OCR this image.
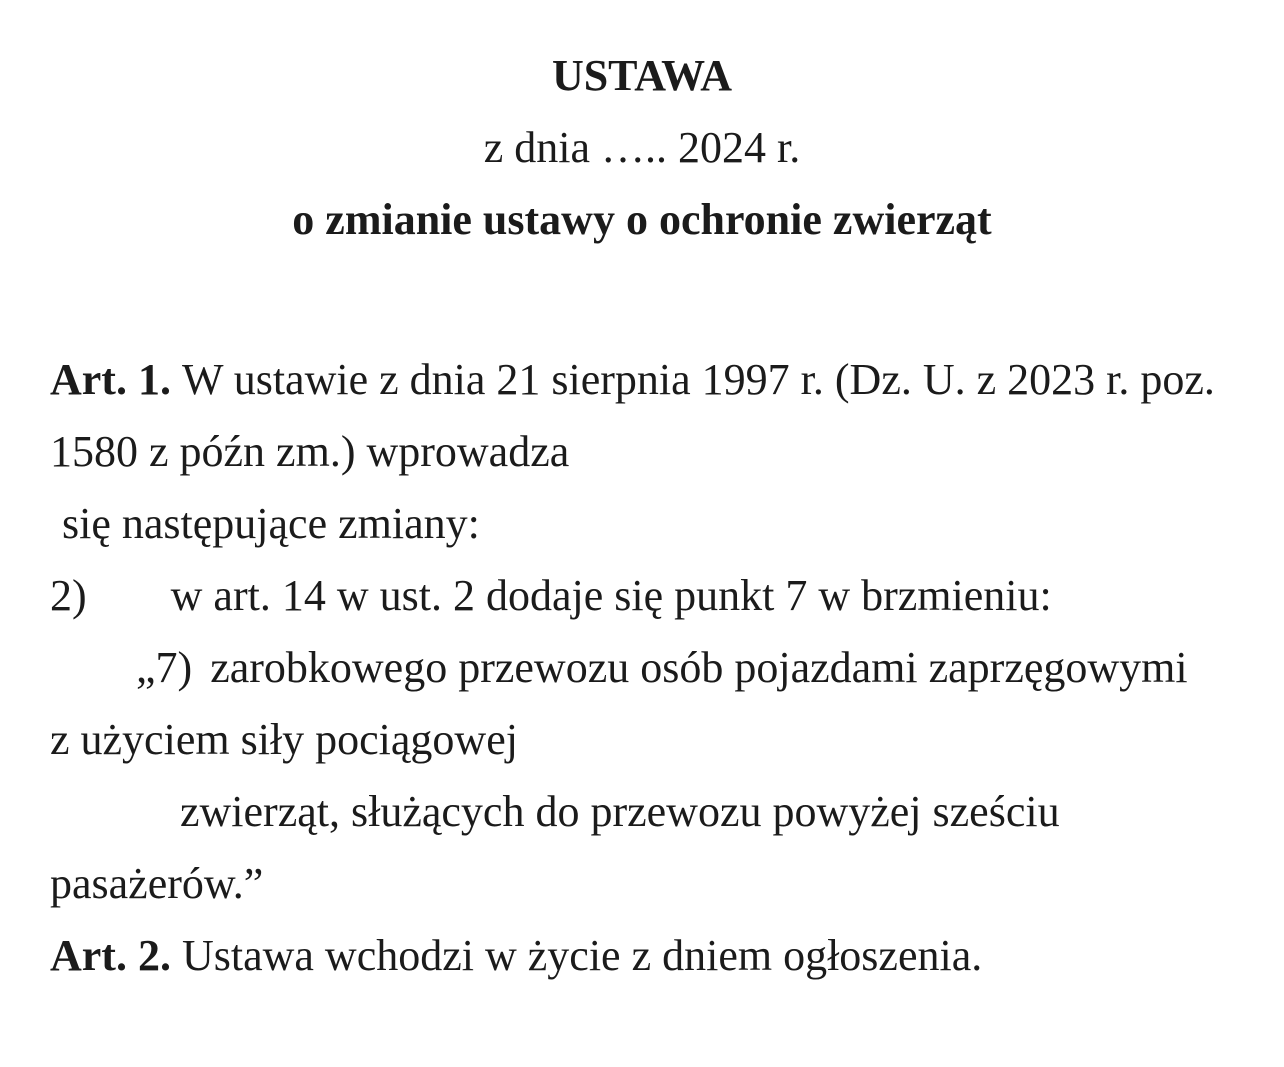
USTAWA
z dnia ….. 2024 r.
o zmianie ustawy o ochronie zwierząt
Art. 1. W ustawie z dnia 21 sierpnia 1997 r. (Dz. U. z 2023 r. poz.
1580 z późn zm.) wprowadza
się następujące zmiany:
2) w art. 14 w ust. 2 dodaje się punkt 7 w brzmieniu:
„7) zarobkowego przewozu osób pojazdami zaprzęgowymi
z użyciem siły pociągowej
zwierząt, służących do przewozu powyżej sześciu
pasażerów.”
Art. 2. Ustawa wchodzi w życie z dniem ogłoszenia.
